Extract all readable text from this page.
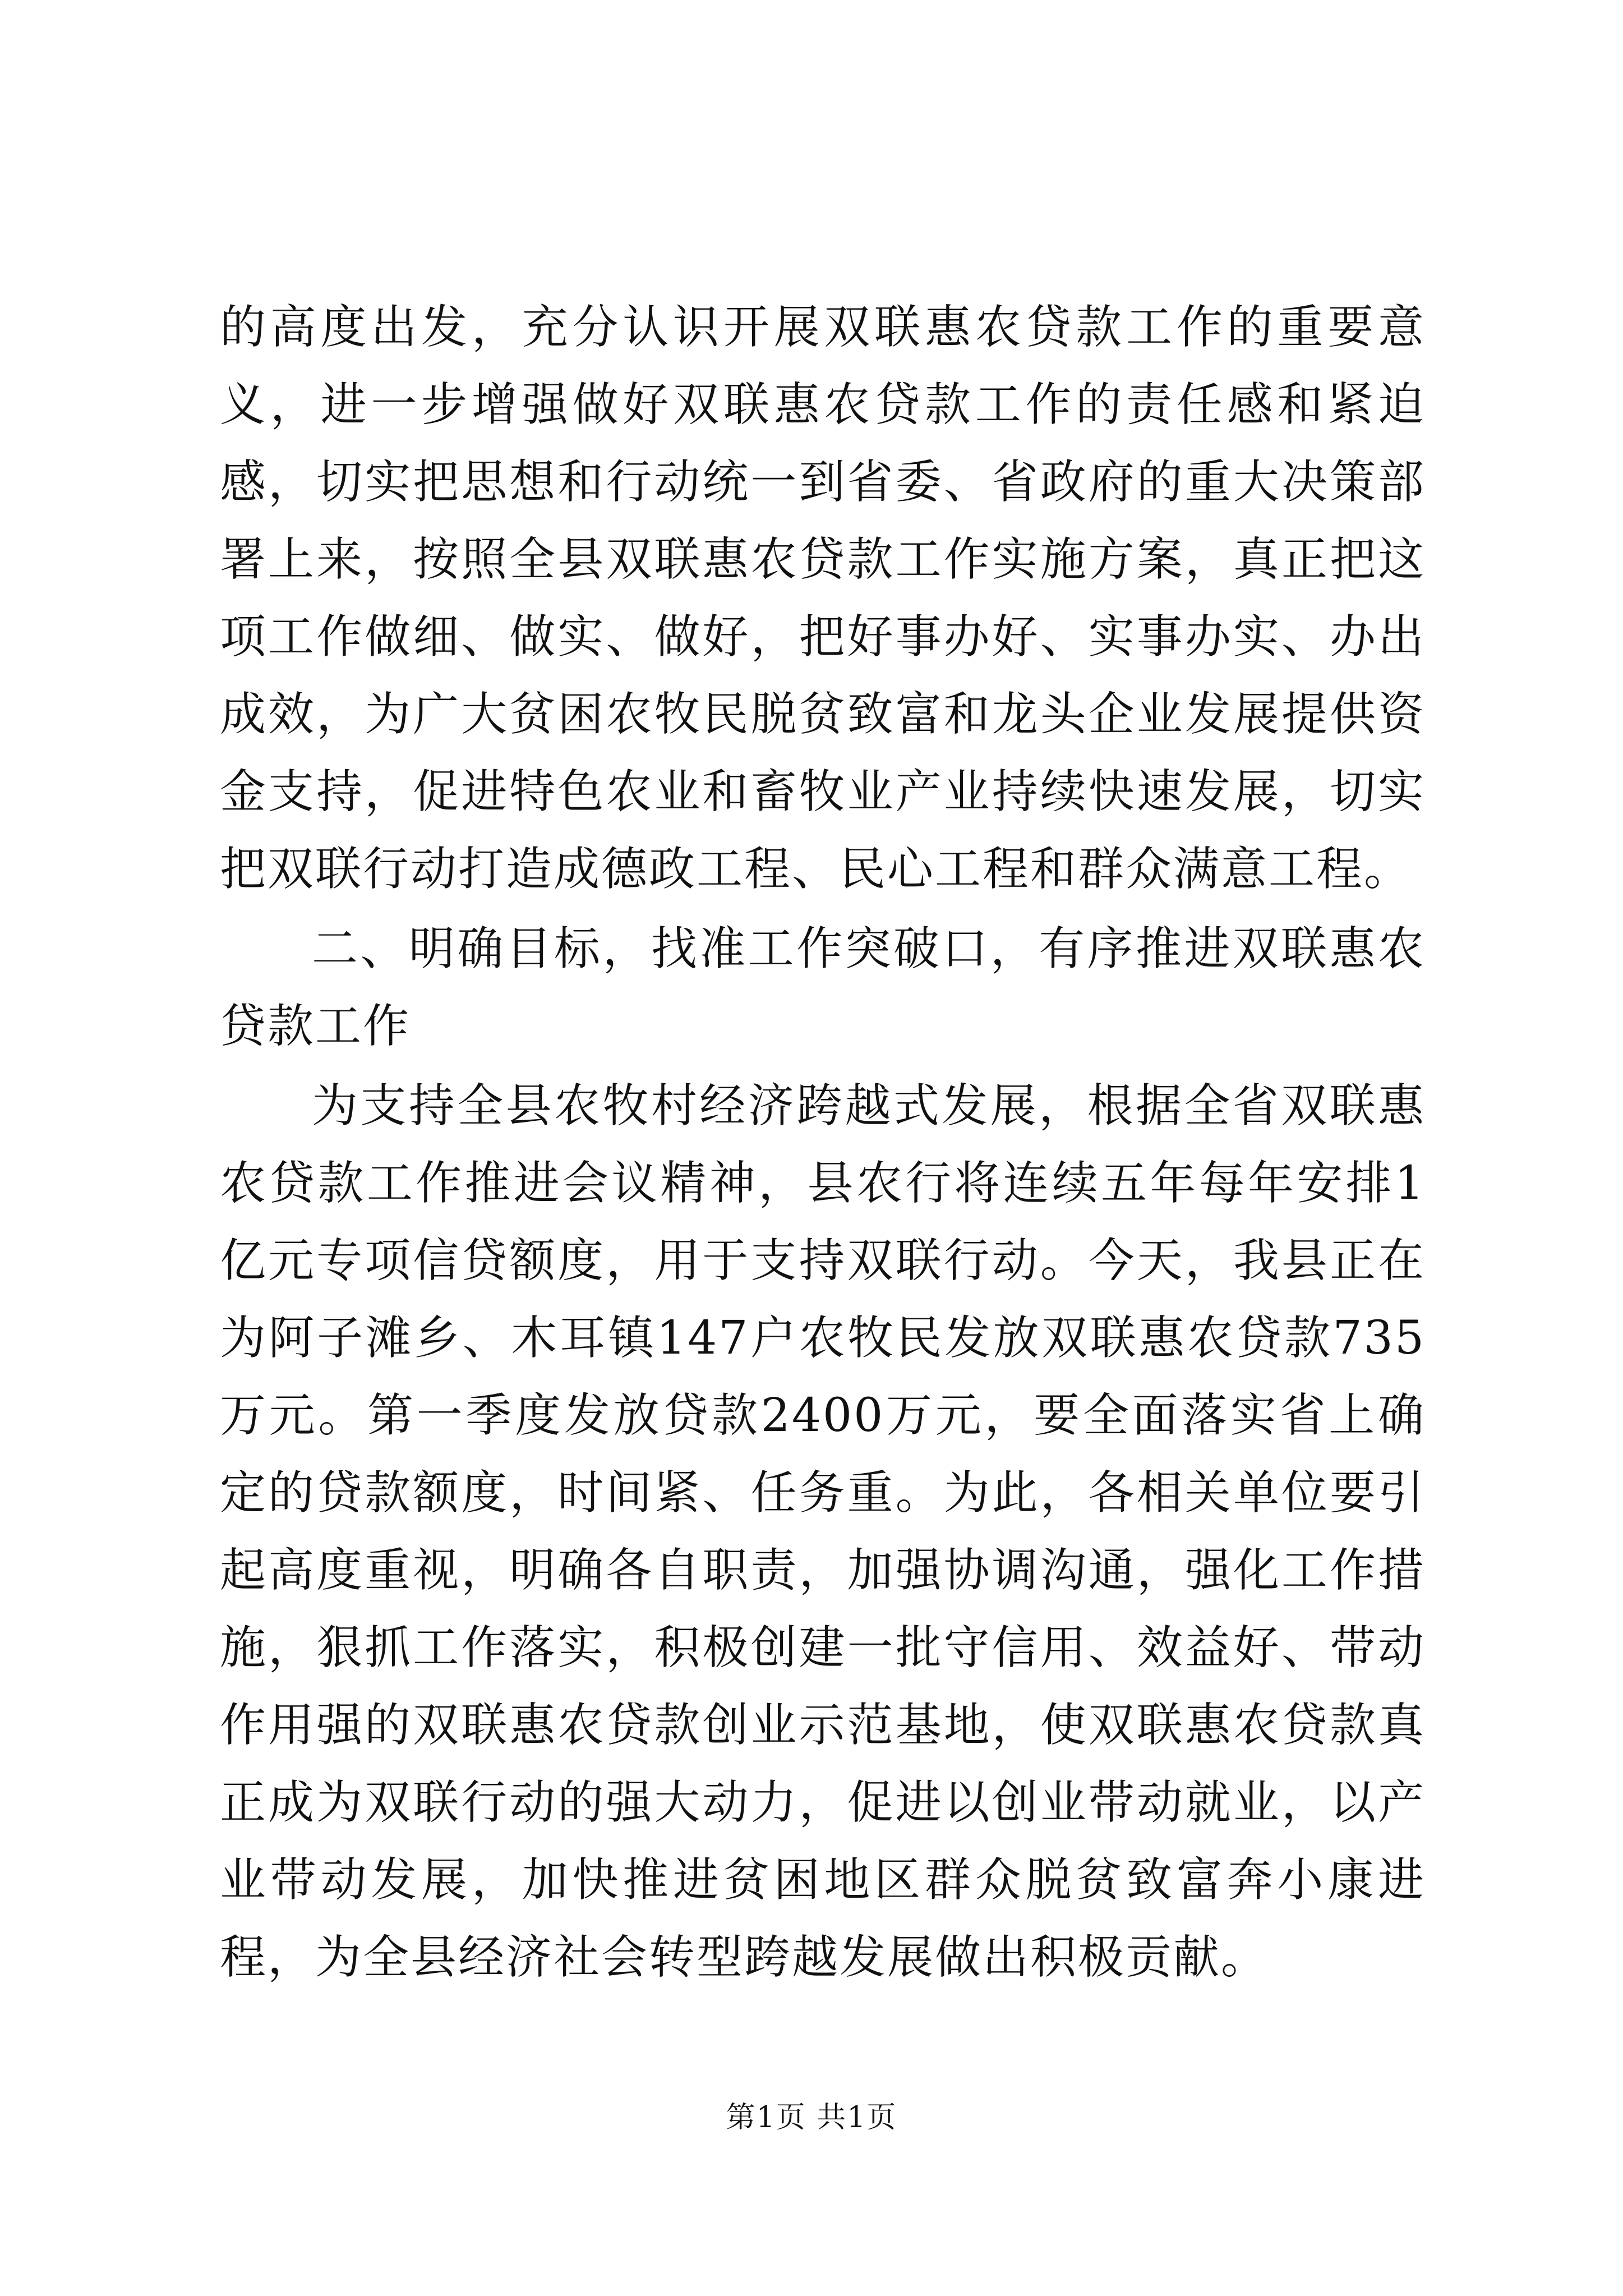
的高度出发，充分认识开展双联惠农贷款工作的重要意义，进一步增强做好双联惠农贷款工作的责任感和紧迫感，切实把思想和行动统一到省委、省政府的重大决策部署上来，按照全县双联惠农贷款工作实施方案，真正把这项工作做细、做实、做好，把好事办好、实事办实、办出成效，为广大贫困农牧民脱贫致富和龙头企业发展提供资金支持，促进特色农业和畜牧业产业持续快速发展，切实把双联行动打造成德政工程、民心工程和群众满意工程。

二、明确目标，找准工作突破口，有序推进双联惠农贷款工作

为支持全县农牧村经济跨越式发展，根据全省双联惠农贷款工作推进会议精神，县农行将连续五年每年安排1亿元专项信贷额度，用于支持双联行动。今天，我县正在为阿子滩乡、木耳镇147户农牧民发放双联惠农贷款735万元。第一季度发放贷款2400万元，要全面落实省上确定的贷款额度，时间紧、任务重。为此，各相关单位要引起高度重视，明确各自职责，加强协调沟通，强化工作措施，狠抓工作落实，积极创建一批守信用、效益好、带动作用强的双联惠农贷款创业示范基地，使双联惠农贷款真正成为双联行动的强大动力，促进以创业带动就业，以产业带动发展，加快推进贫困地区群众脱贫致富奔小康进程，为全县经济社会转型跨越发展做出积极贡献。

第1页 共1页
